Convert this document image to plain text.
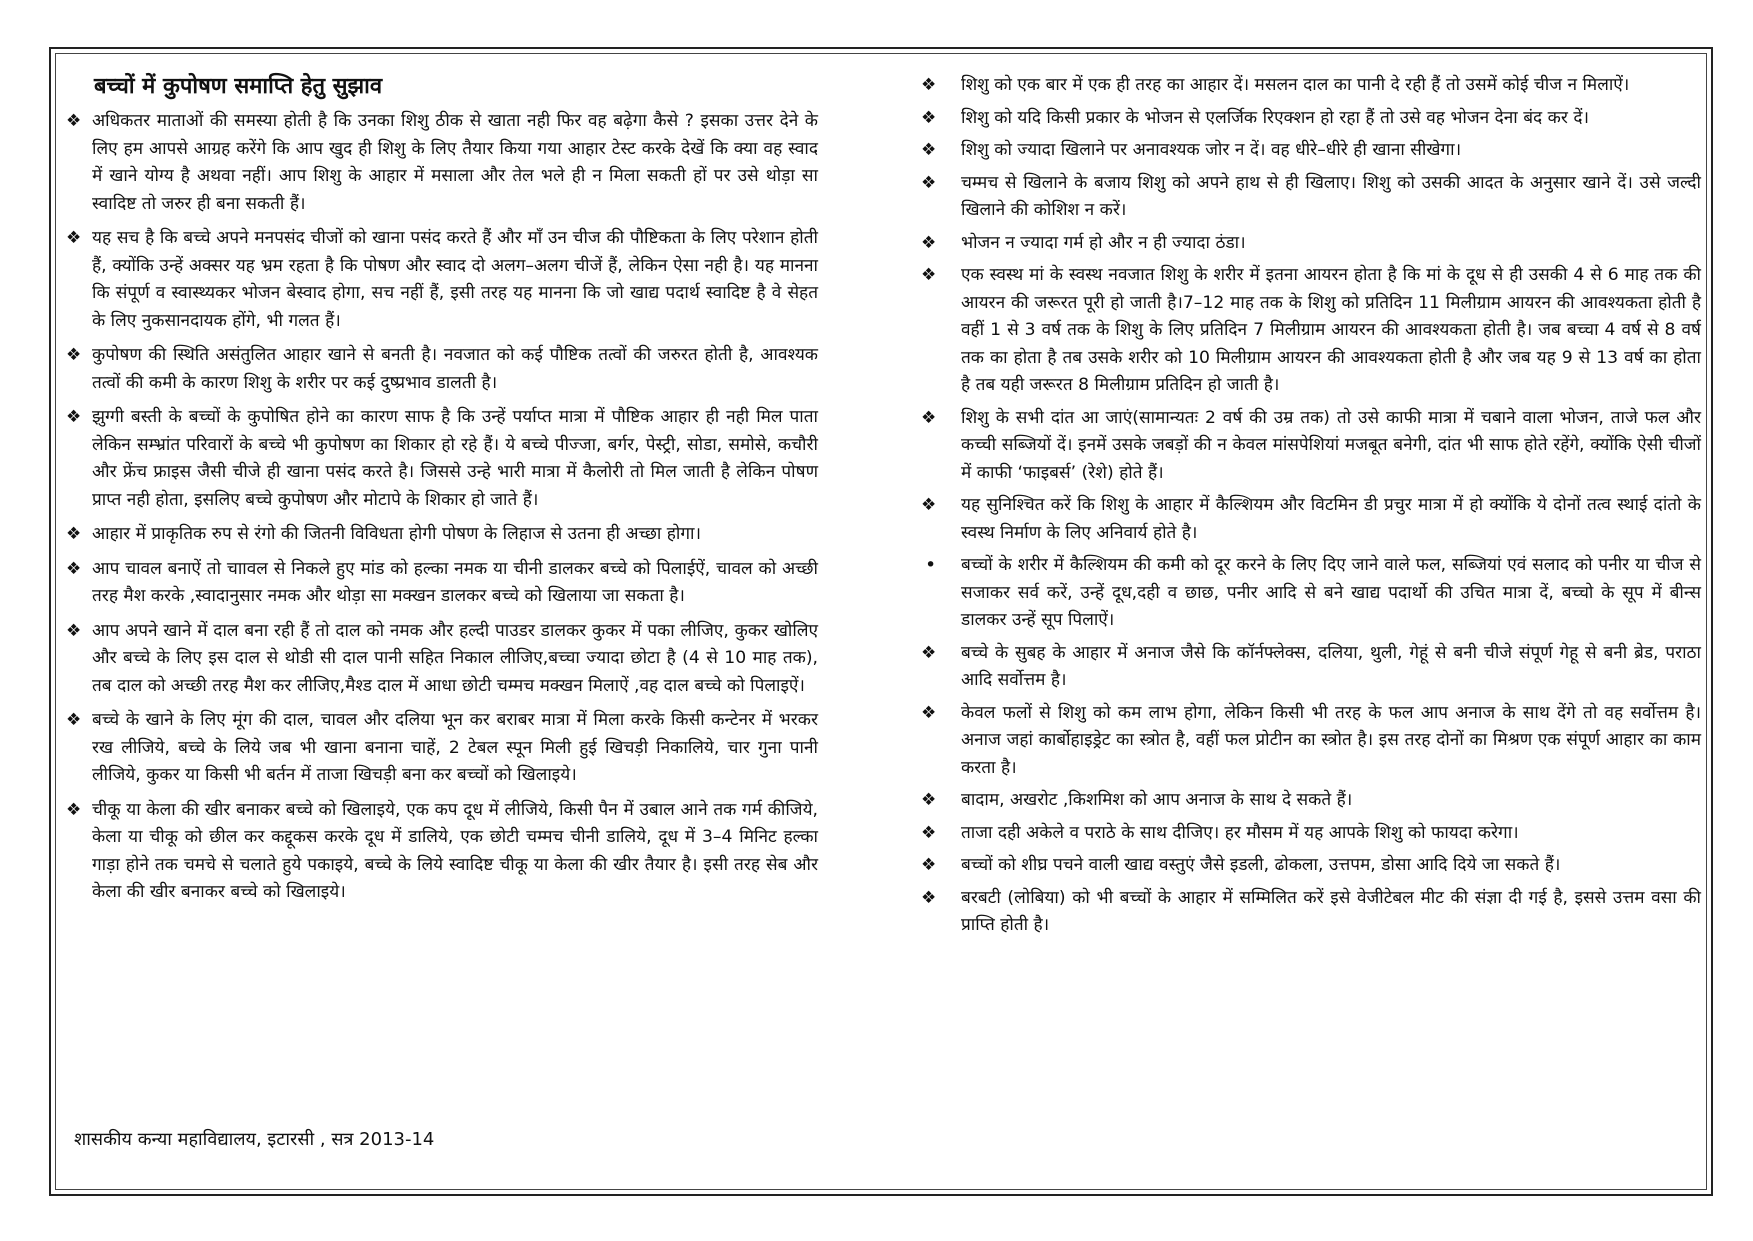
बच्चों में कुपोषण समाप्ति हेतु सुझाव
❖ अधिकतर माताओं की समस्या होती है कि उनका शिशु ठीक से खाता नही फिर वह बढ़ेगा कैसे ? इसका उत्तर देने के लिए हम आपसे आग्रह करेंगे कि आप खुद ही शिशु के लिए तैयार किया गया आहार टेस्ट करके देखें कि क्या वह स्वाद में खाने योग्य है अथवा नहीं। आप शिशु के आहार में मसाला और तेल भले ही न मिला सकती हों पर उसे थोड़ा सा स्वादिष्ट तो जरुर ही बना सकती हैं।
❖ यह सच है कि बच्चे अपने मनपसंद चीजों को खाना पसंद करते हैं और माँ उन चीज की पौष्टिकता के लिए परेशान होती हैं, क्योंकि उन्हें अक्सर यह भ्रम रहता है कि पोषण और स्वाद दो अलग–अलग चीजें हैं, लेकिन ऐसा नही है। यह मानना कि संपूर्ण व स्वास्थ्यकर भोजन बेस्वाद होगा, सच नहीं हैं, इसी तरह यह मानना कि जो खाद्य पदार्थ स्वादिष्ट है वे सेहत के लिए नुकसानदायक होंगे, भी गलत हैं।
❖ कुपोषण की स्थिति असंतुलित आहार खाने से बनती है। नवजात को कई पौष्टिक तत्वों की जरुरत होती है, आवश्यक तत्वों की कमी के कारण शिशु के शरीर पर कई दुष्प्रभाव डालती है।
❖ झुग्गी बस्ती के बच्चों के कुपोषित होने का कारण साफ है कि उन्हें पर्याप्त मात्रा में पौष्टिक आहार ही नही मिल पाता लेकिन सम्भ्रांत परिवारों के बच्चे भी कुपोषण का शिकार हो रहे हैं। ये बच्चे पीज्जा, बर्गर, पेस्ट्री, सोडा, समोसे, कचौरी और फ्रेंच फ्राइस जैसी चीजे ही खाना पसंद करते है। जिससे उन्हे भारी मात्रा में कैलोरी तो मिल जाती है लेकिन पोषण प्राप्त नही होता, इसलिए बच्चे कुपोषण और मोटापे के शिकार हो जाते हैं।
❖ आहार में प्राकृतिक रुप से रंगो की जितनी विविधता होगी पोषण के लिहाज से उतना ही अच्छा होगा।
❖ आप चावल बनाऐं तो चाावल से निकले हुए मांड को हल्का नमक या चीनी डालकर बच्चे को पिलाईऐं, चावल को अच्छी तरह मैश करके ,स्वादानुसार नमक और थोड़ा सा मक्खन डालकर बच्चे को खिलाया जा सकता है।
❖ आप अपने खाने में दाल बना रही हैं तो दाल को नमक और हल्दी पाउडर डालकर कुकर में पका लीजिए, कुकर खोलिए और बच्चे के लिए इस दाल से थोडी सी दाल पानी सहित निकाल लीजिए,बच्चा ज्यादा छोटा है (4 से 10 माह तक), तब दाल को अच्छी तरह मैश कर लीजिए,मैश्ड दाल में आधा छोटी चम्मच मक्खन मिलाऐं ,वह दाल बच्चे को पिलाइऐं।
❖ बच्चे के खाने के लिए मूंग की दाल, चावल और दलिया भून कर बराबर मात्रा में मिला करके किसी कन्टेनर में भरकर रख लीजिये, बच्चे के लिये जब भी खाना बनाना चाहें, 2 टेबल स्पून मिली हुई खिचड़ी निकालिये, चार गुना पानी लीजिये, कुकर या किसी भी बर्तन में ताजा खिचड़ी बना कर बच्चों को खिलाइये।
❖ चीकू या केला की खीर बनाकर बच्चे को खिलाइये, एक कप दूध में लीजिये, किसी पैन में उबाल आने तक गर्म कीजिये, केला या चीकू को छील कर कद्दूकस करके दूध में डालिये, एक छोटी चम्मच चीनी डालिये, दूध में 3–4 मिनिट हल्का गाड़ा होने तक चमचे से चलाते हुये पकाइये, बच्चे के लिये स्वादिष्ट चीकू या केला की खीर तैयार है। इसी तरह सेब और केला की खीर बनाकर बच्चे को खिलाइये।
❖ शिशु को एक बार में एक ही तरह का आहार दें। मसलन दाल का पानी दे रही हैं तो उसमें कोई चीज न मिलाऐं।
❖ शिशु को यदि किसी प्रकार के भोजन से एलर्जिक रिएक्शन हो रहा हैं तो उसे वह भोजन देना बंद कर दें।
❖ शिशु को ज्यादा खिलाने पर अनावश्यक जोर न दें। वह धीरे–धीरे ही खाना सीखेगा।
❖ चम्मच से खिलाने के बजाय शिशु को अपने हाथ से ही खिलाए। शिशु को उसकी आदत के अनुसार खाने दें। उसे जल्दी खिलाने की कोशिश न करें।
❖ भोजन न ज्यादा गर्म हो और न ही ज्यादा ठंडा।
❖ एक स्वस्थ मां के स्वस्थ नवजात शिशु के शरीर में इतना आयरन होता है कि मां के दूध से ही उसकी 4 से 6 माह तक की आयरन की जरूरत पूरी हो जाती है।7–12 माह तक के शिशु को प्रतिदिन 11 मिलीग्राम आयरन की आवश्यकता होती है वहीं 1 से 3 वर्ष तक के शिशु के लिए प्रतिदिन 7 मिलीग्राम आयरन की आवश्यकता होती है। जब बच्चा 4 वर्ष से 8 वर्ष तक का होता है तब उसके शरीर को 10 मिलीग्राम आयरन की आवश्यकता होती है और जब यह 9 से 13 वर्ष का होता है तब यही जरूरत 8 मिलीग्राम प्रतिदिन हो जाती है।
❖ शिशु के सभी दांत आ जाएं(सामान्यतः 2 वर्ष की उम्र तक) तो उसे काफी मात्रा में चबाने वाला भोजन, ताजे फल और कच्ची सब्जियों दें। इनमें उसके जबड़ों की न केवल मांसपेशियां मजबूत बनेगी, दांत भी साफ होते रहेंगे, क्योंकि ऐसी चीजों में काफी ‘फाइबर्स’ (रेशे) होते हैं।
❖ यह सुनिश्चित करें कि शिशु के आहार में कैल्शियम और विटमिन डी प्रचुर मात्रा में हो क्योंकि ये दोनों तत्व स्थाई दांतो के स्वस्थ निर्माण के लिए अनिवार्य होते है।
• बच्चों के शरीर में कैल्शियम की कमी को दूर करने के लिए दिए जाने वाले फल, सब्जियां एवं सलाद को पनीर या चीज से सजाकर सर्व करें, उन्हें दूध,दही व छाछ, पनीर आदि से बने खाद्य पदार्थो की उचित मात्रा दें, बच्चो के सूप में बीन्स डालकर उन्हें सूप पिलाऐं।
❖ बच्चे के सुबह के आहार में अनाज जैसे कि कॉर्नफ्लेक्स, दलिया, थुली, गेहूं से बनी चीजे संपूर्ण गेहू से बनी ब्रेड, पराठा आदि सर्वोत्तम है।
❖ केवल फलों से शिशु को कम लाभ होगा, लेकिन किसी भी तरह के फल आप अनाज के साथ देंगे तो वह सर्वोत्तम है। अनाज जहां कार्बोहाइड्रेट का स्त्रोत है, वहीं फल प्रोटीन का स्त्रोत है। इस तरह दोनों का मिश्रण एक संपूर्ण आहार का काम करता है।
❖ बादाम, अखरोट ,किशमिश को आप अनाज के साथ दे सकते हैं।
❖ ताजा दही अकेले व पराठे के साथ दीजिए। हर मौसम में यह आपके शिशु को फायदा करेगा।
❖ बच्चों को शीघ्र पचने वाली खाद्य वस्तुएं जैसे इडली, ढोकला, उत्तपम, डोसा आदि दिये जा सकते हैं।
❖ बरबटी (लोबिया) को भी बच्चों के आहार में सम्मिलित करें इसे वेजीटेबल मीट की संज्ञा दी गई है, इससे उत्तम वसा की प्राप्ति होती है।
शासकीय कन्या महाविद्यालय, इटारसी , सत्र 2013-14
